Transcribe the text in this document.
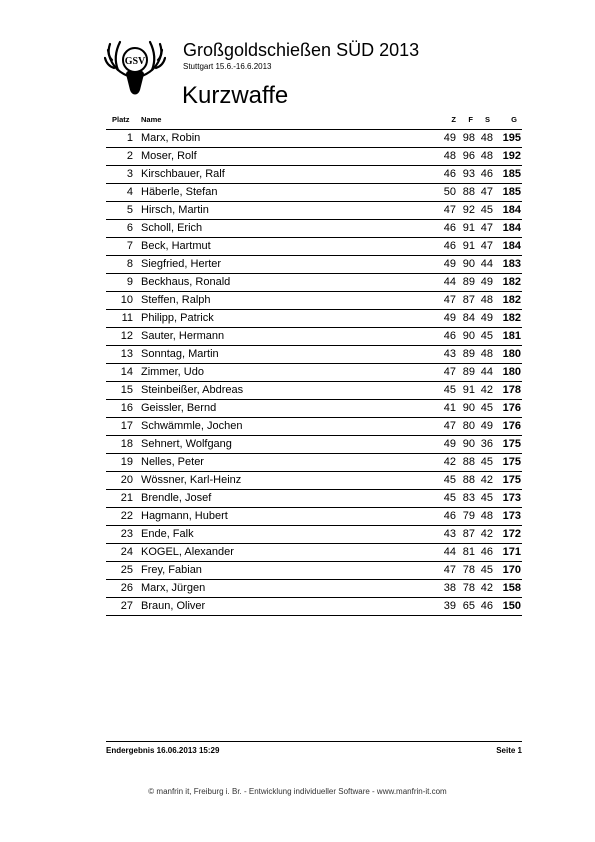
GSV
Großgoldschießen SÜD 2013
Stuttgart 15.6.-16.6.2013
Kurzwaffe
Platz Name	Z F S	G
1 Marx, Robin	49 98 48 195
2 Moser, Rolf	48 96 48 192
3 Kirschbauer, Ralf	46 93 46 185
4 Häberle, Stefan	50 88 47 185
5 Hirsch, Martin	47 92 45 184
6 Scholl, Erich	46 91 47 184
7 Beck, Hartmut	46 91 47 184
8 Siegfried, Herter	49 90 44 183
9 Beckhaus, Ronald	44 89 49 182
10 Steffen, Ralph	47 87 48 182
11 Philipp, Patrick	49 84 49 182
12 Sauter, Hermann	46 90 45 181
13 Sonntag, Martin	43 89 48 180
14 Zimmer, Udo	47 89 44 180
15 Steinbeißer, Abdreas	45 91 42 178
16 Geissler, Bernd	41 90 45 176
17 Schwämmle, Jochen	47 80 49 176
18 Sehnert, Wolfgang	49 90 36 175
19 Nelles, Peter	42 88 45 175
20 Wössner, Karl-Heinz	45 88 42 175
21 Brendle, Josef	45 83 45 173
22 Hagmann, Hubert	46 79 48 173
23 Ende, Falk	43 87 42 172
24 KOGEL, Alexander	44 81 46 171
25 Frey, Fabian	47 78 45 170
26 Marx, Jürgen	38 78 42 158
27 Braun, Oliver	39 65 46 150
Endergebnis 16.06.2013 15:29	Seite 1
© manfrin it, Freiburg i. Br. - Entwicklung individueller Software - www.manfrin-it.com
